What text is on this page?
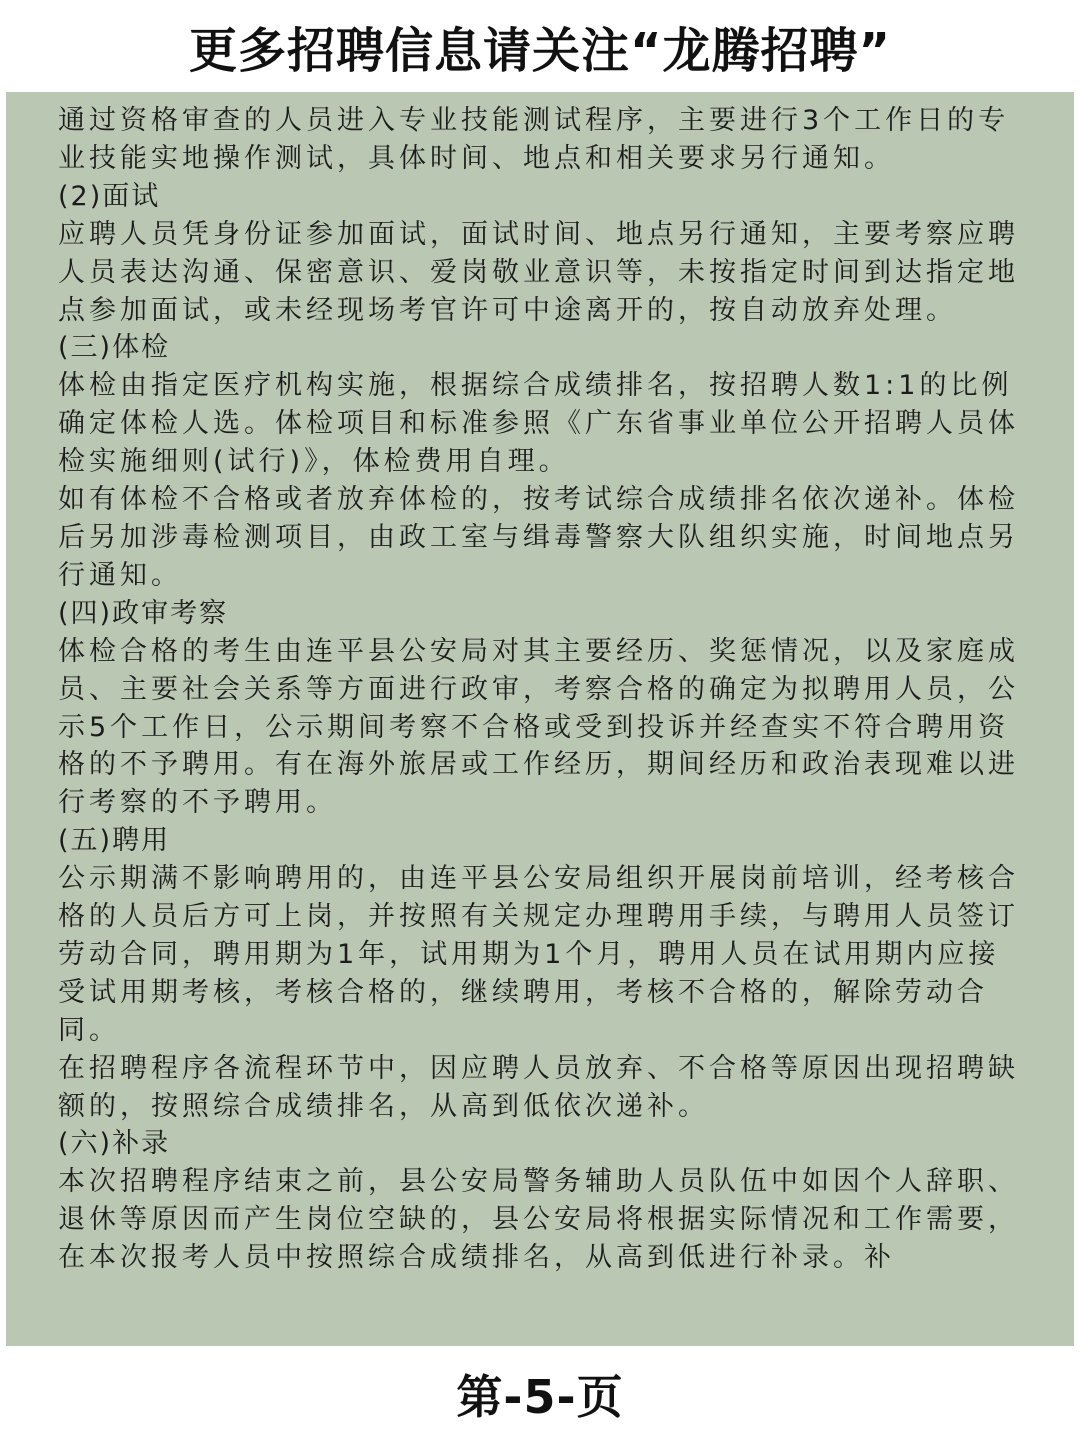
更多招聘信息请关注“龙腾招聘”

通过资格审查的人员进入专业技能测试程序，主要进行3个工作日的专业技能实地操作测试，具体时间、地点和相关要求另行通知。

(2)面试

应聘人员凭身份证参加面试，面试时间、地点另行通知，主要考察应聘人员表达沟通、保密意识、爱岗敬业意识等，未按指定时间到达指定地点参加面试，或未经现场考官许可中途离开的，按自动放弃处理。

(三)体检

体检由指定医疗机构实施，根据综合成绩排名，按招聘人数1:1的比例确定体检人选。体检项目和标准参照《广东省事业单位公开招聘人员体检实施细则(试行)》，体检费用自理。

如有体检不合格或者放弃体检的，按考试综合成绩排名依次递补。体检后另加涉毒检测项目，由政工室与缉毒警察大队组织实施，时间地点另行通知。

(四)政审考察

体检合格的考生由连平县公安局对其主要经历、奖惩情况，以及家庭成员、主要社会关系等方面进行政审，考察合格的确定为拟聘用人员，公示5个工作日，公示期间考察不合格或受到投诉并经查实不符合聘用资格的不予聘用。有在海外旅居或工作经历，期间经历和政治表现难以进行考察的不予聘用。

(五)聘用

公示期满不影响聘用的，由连平县公安局组织开展岗前培训，经考核合格的人员后方可上岗，并按照有关规定办理聘用手续，与聘用人员签订劳动合同，聘用期为1年，试用期为1个月，聘用人员在试用期内应接受试用期考核，考核合格的，继续聘用，考核不合格的，解除劳动合同。

在招聘程序各流程环节中，因应聘人员放弃、不合格等原因出现招聘缺额的，按照综合成绩排名，从高到低依次递补。

(六)补录

本次招聘程序结束之前，县公安局警务辅助人员队伍中如因个人辞职、退休等原因而产生岗位空缺的，县公安局将根据实际情况和工作需要，在本次报考人员中按照综合成绩排名，从高到低进行补录。补

第-5-页
